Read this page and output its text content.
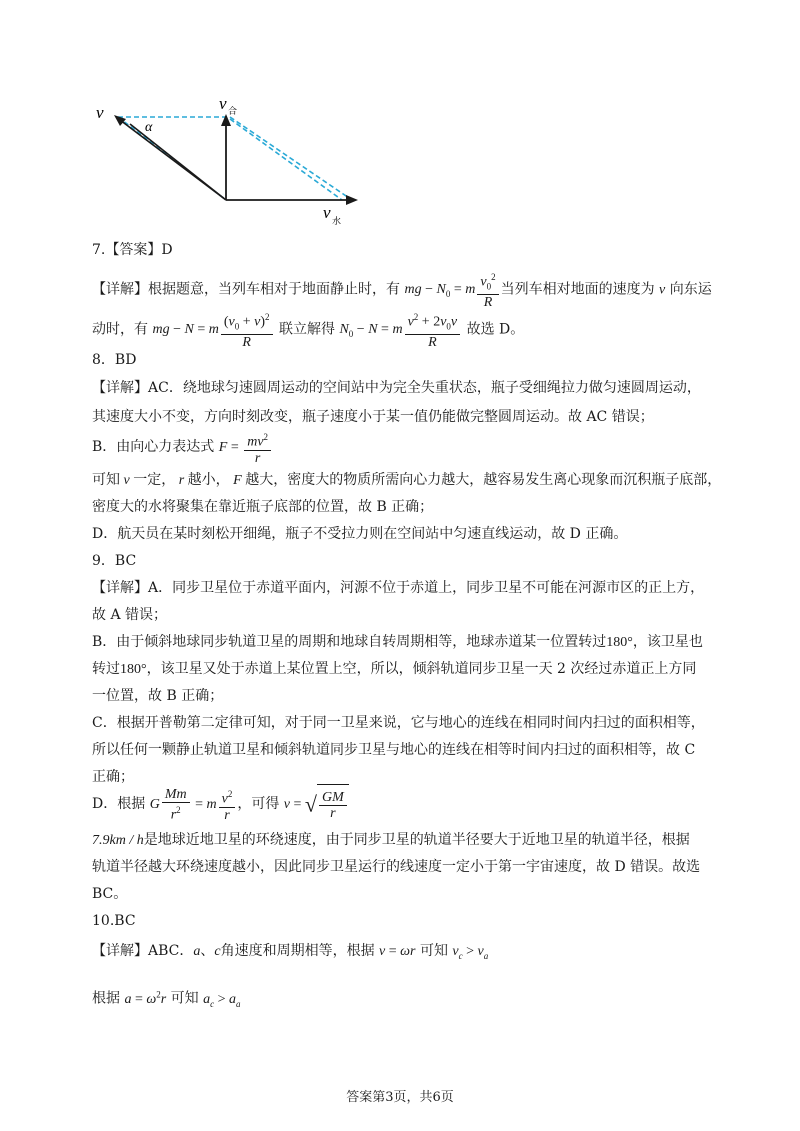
v
α
v 合
v 水
7.【答案】D
【详解】根据题意，当列车相对于地面静止时，有 mg − $N_0 = m \frac{v_0^2}{R}$ 当列车相对地面的速度为 v 向东运
动时，有 mg − N = m $\frac{(v_0 + v)^2}{R}$ 联立解得 $N_0 - N = m \frac{v^2 + 2v_0v}{R}$ 故选 D。
8．BD
【详解】AC．绕地球匀速圆周运动的空间站中为完全失重状态，瓶子受细绳拉力做匀速圆周运动，
其速度大小不变，方向时刻改变，瓶子速度小于某一值仍能做完整圆周运动。故 AC 错误；
B．由向心力表达式 $F = \frac{mv^2}{r}$
可知 v 一定， r 越小， F 越大，密度大的物质所需向心力越大，越容易发生离心现象而沉积瓶子底部，
密度大的水将聚集在靠近瓶子底部的位置，故 B 正确；
D．航天员在某时刻松开细绳，瓶子不受拉力则在空间站中匀速直线运动，故 D 正确。
9．BC
【详解】A．同步卫星位于赤道平面内，河源不位于赤道上，同步卫星不可能在河源市区的正上方，
故 A 错误；
B．由于倾斜地球同步轨道卫星的周期和地球自转周期相等，地球赤道某一位置转过180°，该卫星也
转过180°，该卫星又处于赤道上某位置上空，所以，倾斜轨道同步卫星一天 2 次经过赤道正上方同
一位置，故 B 正确；
C．根据开普勒第二定律可知，对于同一卫星来说，它与地心的连线在相同时间内扫过的面积相等，
所以任何一颗静止轨道卫星和倾斜轨道同步卫星与地心的连线在相等时间内扫过的面积相等，故 C
正确；
D．根据 G $\frac{Mm}{r^2} = m \frac{v^2}{r}$ ，可得 v = √ $\frac{GM}{r}$
7.9km / h是地球近地卫星的环绕速度，由于同步卫星的轨道半径要大于近地卫星的轨道半径，根据
轨道半径越大环绕速度越小，因此同步卫星运行的线速度一定小于第一宇宙速度，故 D 错误。故选
BC。
10.BC
【详解】ABC．a、c角速度和周期相等，根据 v = ωr 可知 $v_c > v_a$
根据 $a = \omega^2r$ 可知 $a_c > a_a$
答案第3页，共6页
